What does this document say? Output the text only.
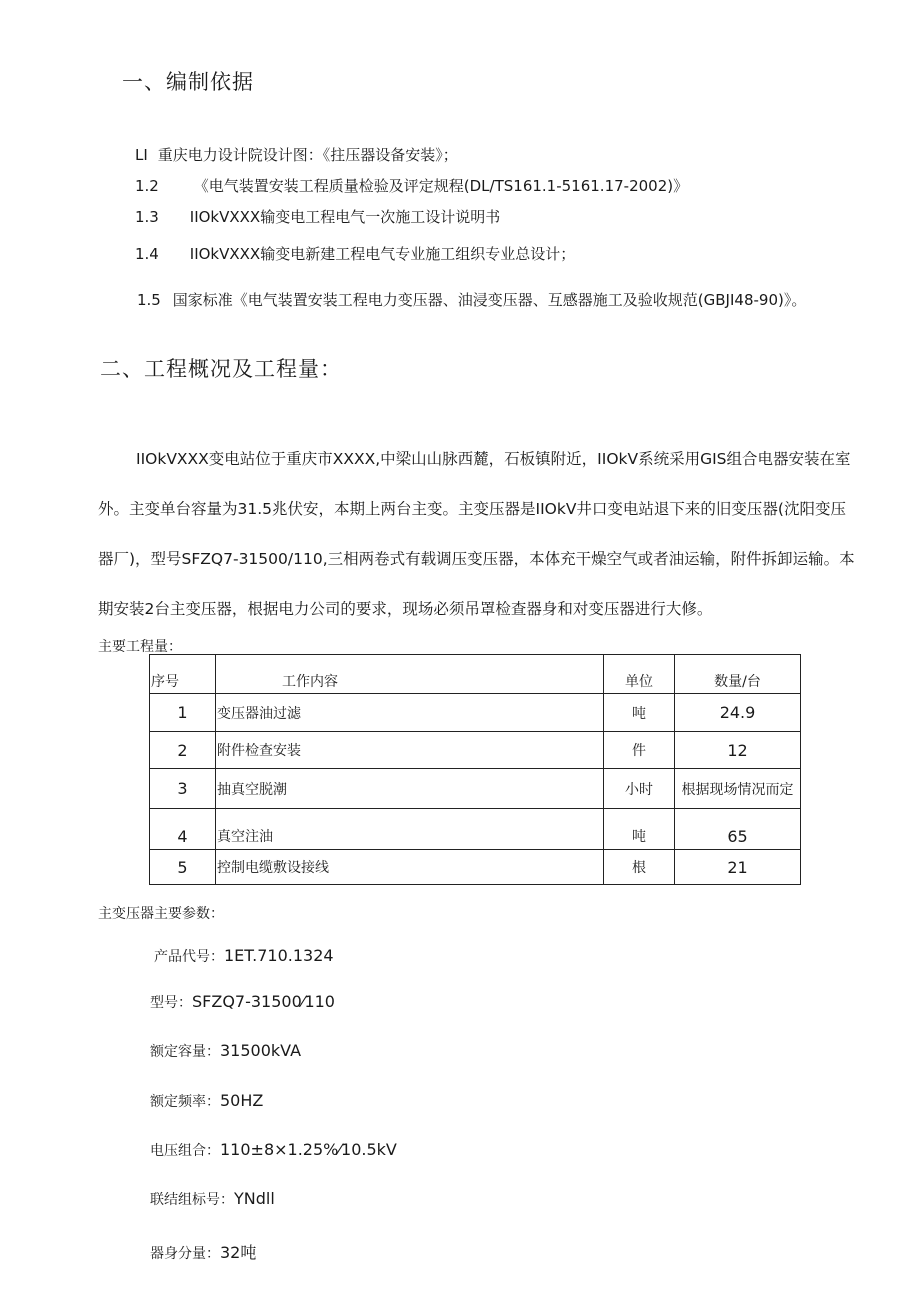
一、编制依据
LI 重庆电力设计院设计图：《拄压器设备安装》；
1.2 《电气装置安装工程质量检验及评定规程(DL/TS161.1-5161.17-2002)》
1.3 IIOkVXXX输变电工程电气一次施工设计说明书
1.4 IIOkVXXX输变电新建工程电气专业施工组织专业总设计；
1.5 国家标准《电气装置安装工程电力变压器、油浸变压器、互感器施工及验收规范(GBJI48-90)》。
二、工程概况及工程量：
IIOkVXXX变电站位于重庆市XXXX,中梁山山脉西麓，石板镇附近，IIOkV系统采用GIS组合电器安装在室外。主变单台容量为31.5兆伏安，本期上两台主变。主变压器是IIOkV井口变电站退下来的旧变压器(沈阳变压器厂)，型号SFZQ7-31500/110,三相两卷式有载调压变压器，本体充干燥空气或者油运输，附件拆卸运输。本期安装2台主变压器，根据电力公司的要求，现场必须吊罩检查器身和对变压器进行大修。
主要工程量：
序号	工作内容	单位	数量/台
1	变压器油过滤	吨	24.9
2	附件检查安装	件	12
3	抽真空脱潮	小时	根据现场情况而定
4	真空注油	吨	65
5	控制电缆敷设接线	根	21
主变压器主要参数：
产品代号：1ET.710.1324
型号：SFZQ7-31500⁄110
额定容量：31500kVA
额定频率：50HZ
电压组合：110±8×1.25%⁄10.5kV
联结组标号：YNdll
器身分量：32吨
